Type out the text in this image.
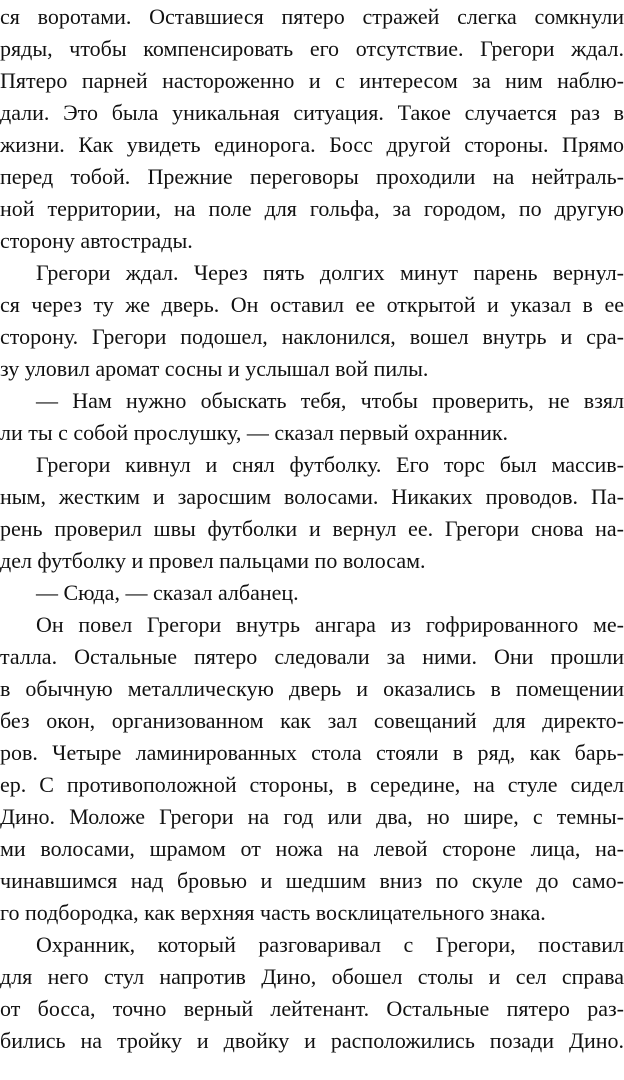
ся воротами. Оставшиеся пятеро стражей слегка сомкнули
ряды, чтобы компенсировать его отсутствие. Грегори ждал.
Пятеро парней настороженно и с интересом за ним наблю-
дали. Это была уникальная ситуация. Такое случается раз в
жизни. Как увидеть единорога. Босс другой стороны. Прямо
перед тобой. Прежние переговоры проходили на нейтраль-
ной территории, на поле для гольфа, за городом, по другую
сторону автострады.
Грегори ждал. Через пять долгих минут парень вернул-
ся через ту же дверь. Он оставил ее открытой и указал в ее
сторону. Грегори подошел, наклонился, вошел внутрь и сра-
зу уловил аромат сосны и услышал вой пилы.
— Нам нужно обыскать тебя, чтобы проверить, не взял
ли ты с собой прослушку, — сказал первый охранник.
Грегори кивнул и снял футболку. Его торс был массив-
ным, жестким и заросшим волосами. Никаких проводов. Па-
рень проверил швы футболки и вернул ее. Грегори снова на-
дел футболку и провел пальцами по волосам.
— Сюда, — сказал албанец.
Он повел Грегори внутрь ангара из гофрированного ме-
талла. Остальные пятеро следовали за ними. Они прошли
в обычную металлическую дверь и оказались в помещении
без окон, организованном как зал совещаний для директо-
ров. Четыре ламинированных стола стояли в ряд, как барь-
ер. С противоположной стороны, в середине, на стуле сидел
Дино. Моложе Грегори на год или два, но шире, с темны-
ми волосами, шрамом от ножа на левой стороне лица, на-
чинавшимся над бровью и шедшим вниз по скуле до само-
го подбородка, как верхняя часть восклицательного знака.
Охранник, который разговаривал с Грегори, поставил
для него стул напротив Дино, обошел столы и сел справа
от босса, точно верный лейтенант. Остальные пятеро раз-
бились на тройку и двойку и расположились позади Дино.
